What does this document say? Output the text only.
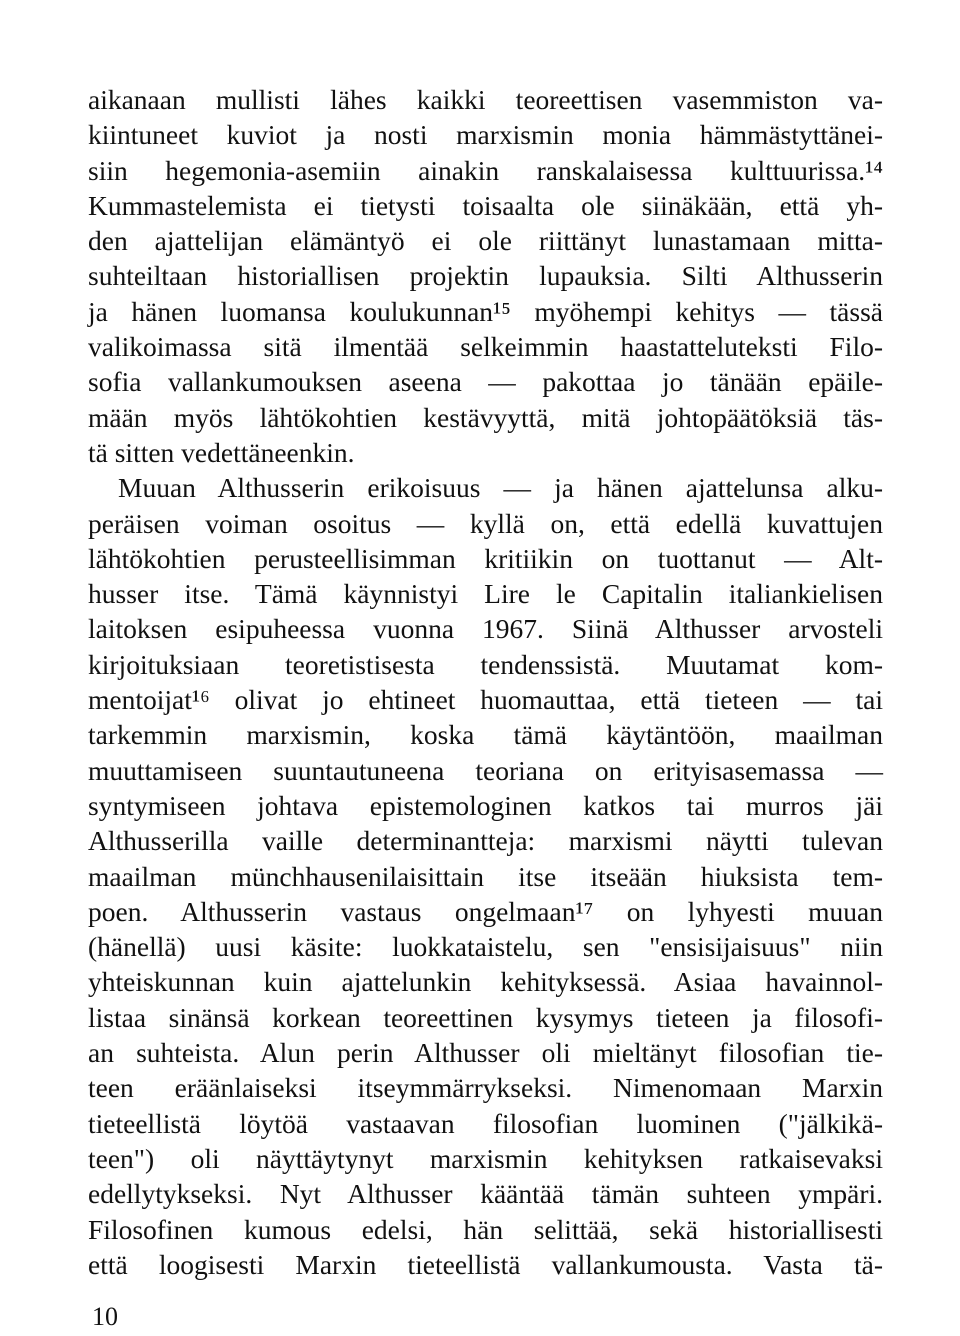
aikanaan mullisti lähes kaikki teoreettisen vasemmiston va-
kiintuneet kuviot ja nosti marxismin monia hämmästyttänei-
siin hegemonia-asemiin ainakin ranskalaisessa kulttuurissa.¹⁴
Kummastelemista ei tietysti toisaalta ole siinäkään, että yh-
den ajattelijan elämäntyö ei ole riittänyt lunastamaan mitta-
suhteiltaan historiallisen projektin lupauksia. Silti Althusserin
ja hänen luomansa koulukunnan¹⁵ myöhempi kehitys — tässä
valikoimassa sitä ilmentää selkeimmin haastatteluteksti Filo-
sofia vallankumouksen aseena — pakottaa jo tänään epäile-
mään myös lähtökohtien kestävyyttä, mitä johtopäätöksiä täs-
tä sitten vedettäneenkin.
Muuan Althusserin erikoisuus — ja hänen ajattelunsa alku-
peräisen voiman osoitus — kyllä on, että edellä kuvattujen
lähtökohtien perusteellisimman kritiikin on tuottanut — Alt-
husser itse. Tämä käynnistyi Lire le Capitalin italiankielisen
laitoksen esipuheessa vuonna 1967. Siinä Althusser arvosteli
kirjoituksiaan teoretistisesta tendenssistä. Muutamat kom-
mentoijat¹⁶ olivat jo ehtineet huomauttaa, että tieteen — tai
tarkemmin marxismin, koska tämä käytäntöön, maailman
muuttamiseen suuntautuneena teoriana on erityisasemassa —
syntymiseen johtava epistemologinen katkos tai murros jäi
Althusserilla vaille determinantteja: marxismi näytti tulevan
maailman münchhausenilaisittain itse itseään hiuksista tem-
poen. Althusserin vastaus ongelmaan¹⁷ on lyhyesti muuan
(hänellä) uusi käsite: luokkataistelu, sen "ensisijaisuus" niin
yhteiskunnan kuin ajattelunkin kehityksessä. Asiaa havainnol-
listaa sinänsä korkean teoreettinen kysymys tieteen ja filosofi-
an suhteista. Alun perin Althusser oli mieltänyt filosofian tie-
teen eräänlaiseksi itseymmärrykseksi. Nimenomaan Marxin
tieteellistä löytöä vastaavan filosofian luominen ("jälkikä-
teen") oli näyttäytynyt marxismin kehityksen ratkaisevaksi
edellytykseksi. Nyt Althusser kääntää tämän suhteen ympäri.
Filosofinen kumous edelsi, hän selittää, sekä historiallisesti
että loogisesti Marxin tieteellistä vallankumousta. Vasta tä-
10
